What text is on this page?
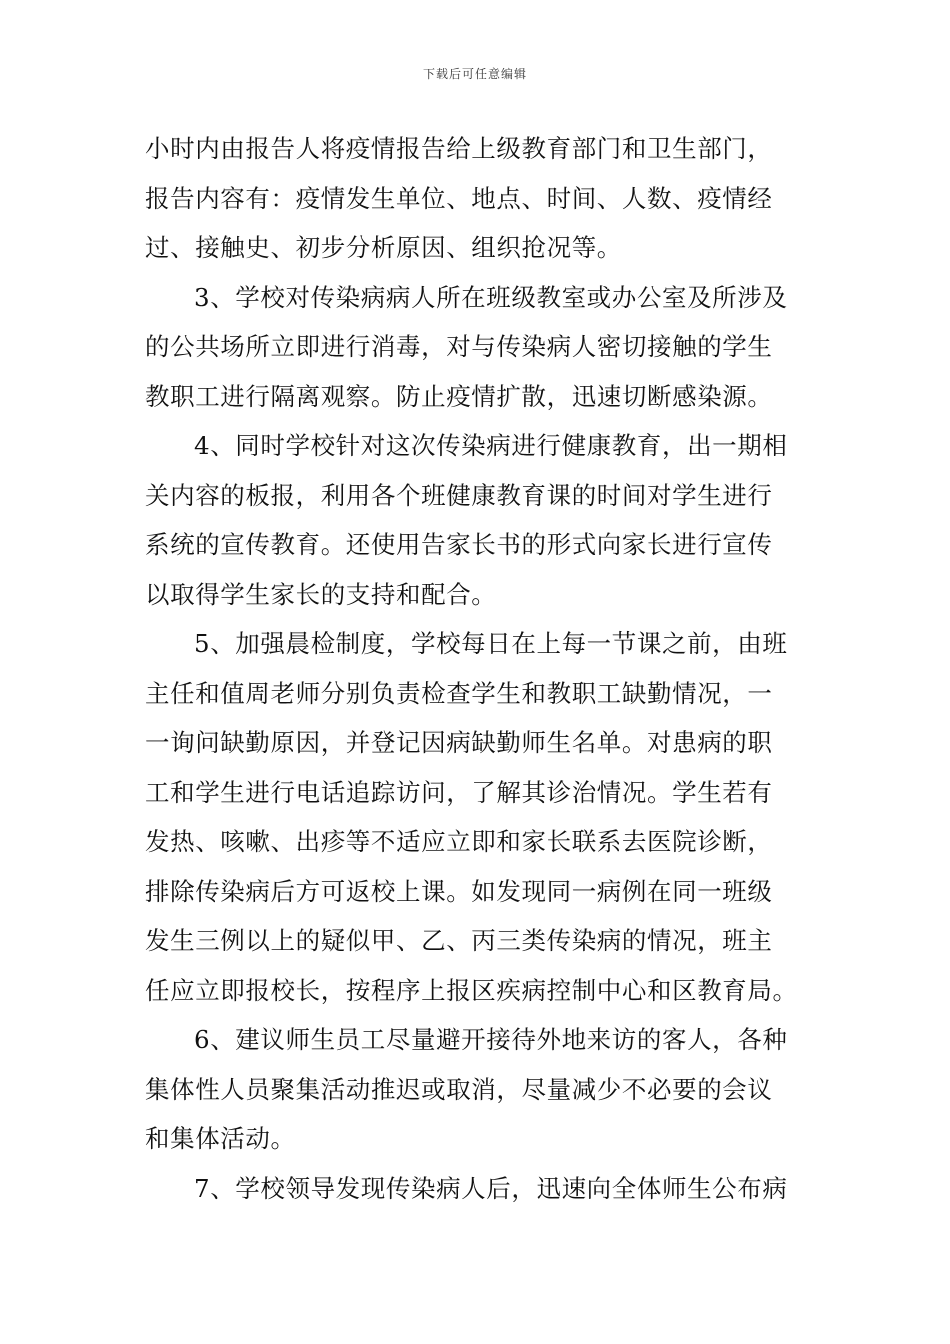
下载后可任意编辑
小时内由报告人将疫情报告给上级教育部门和卫生部门，
报告内容有：疫情发生单位、地点、时间、人数、疫情经
过、接触史、初步分析原因、组织抢况等。
3、学校对传染病病人所在班级教室或办公室及所涉及
的公共场所立即进行消毒，对与传染病人密切接触的学生
教职工进行隔离观察。防止疫情扩散，迅速切断感染源。
4、同时学校针对这次传染病进行健康教育，出一期相
关内容的板报，利用各个班健康教育课的时间对学生进行
系统的宣传教育。还使用告家长书的形式向家长进行宣传
以取得学生家长的支持和配合。
5、加强晨检制度，学校每日在上每一节课之前，由班
主任和值周老师分别负责检查学生和教职工缺勤情况，一
一询问缺勤原因，并登记因病缺勤师生名单。对患病的职
工和学生进行电话追踪访问，了解其诊治情况。学生若有
发热、咳嗽、出疹等不适应立即和家长联系去医院诊断，
排除传染病后方可返校上课。如发现同一病例在同一班级
发生三例以上的疑似甲、乙、丙三类传染病的情况，班主
任应立即报校长，按程序上报区疾病控制中心和区教育局。
6、建议师生员工尽量避开接待外地来访的客人，各种
集体性人员聚集活动推迟或取消，尽量减少不必要的会议
和集体活动。
7、学校领导发现传染病人后，迅速向全体师生公布病
